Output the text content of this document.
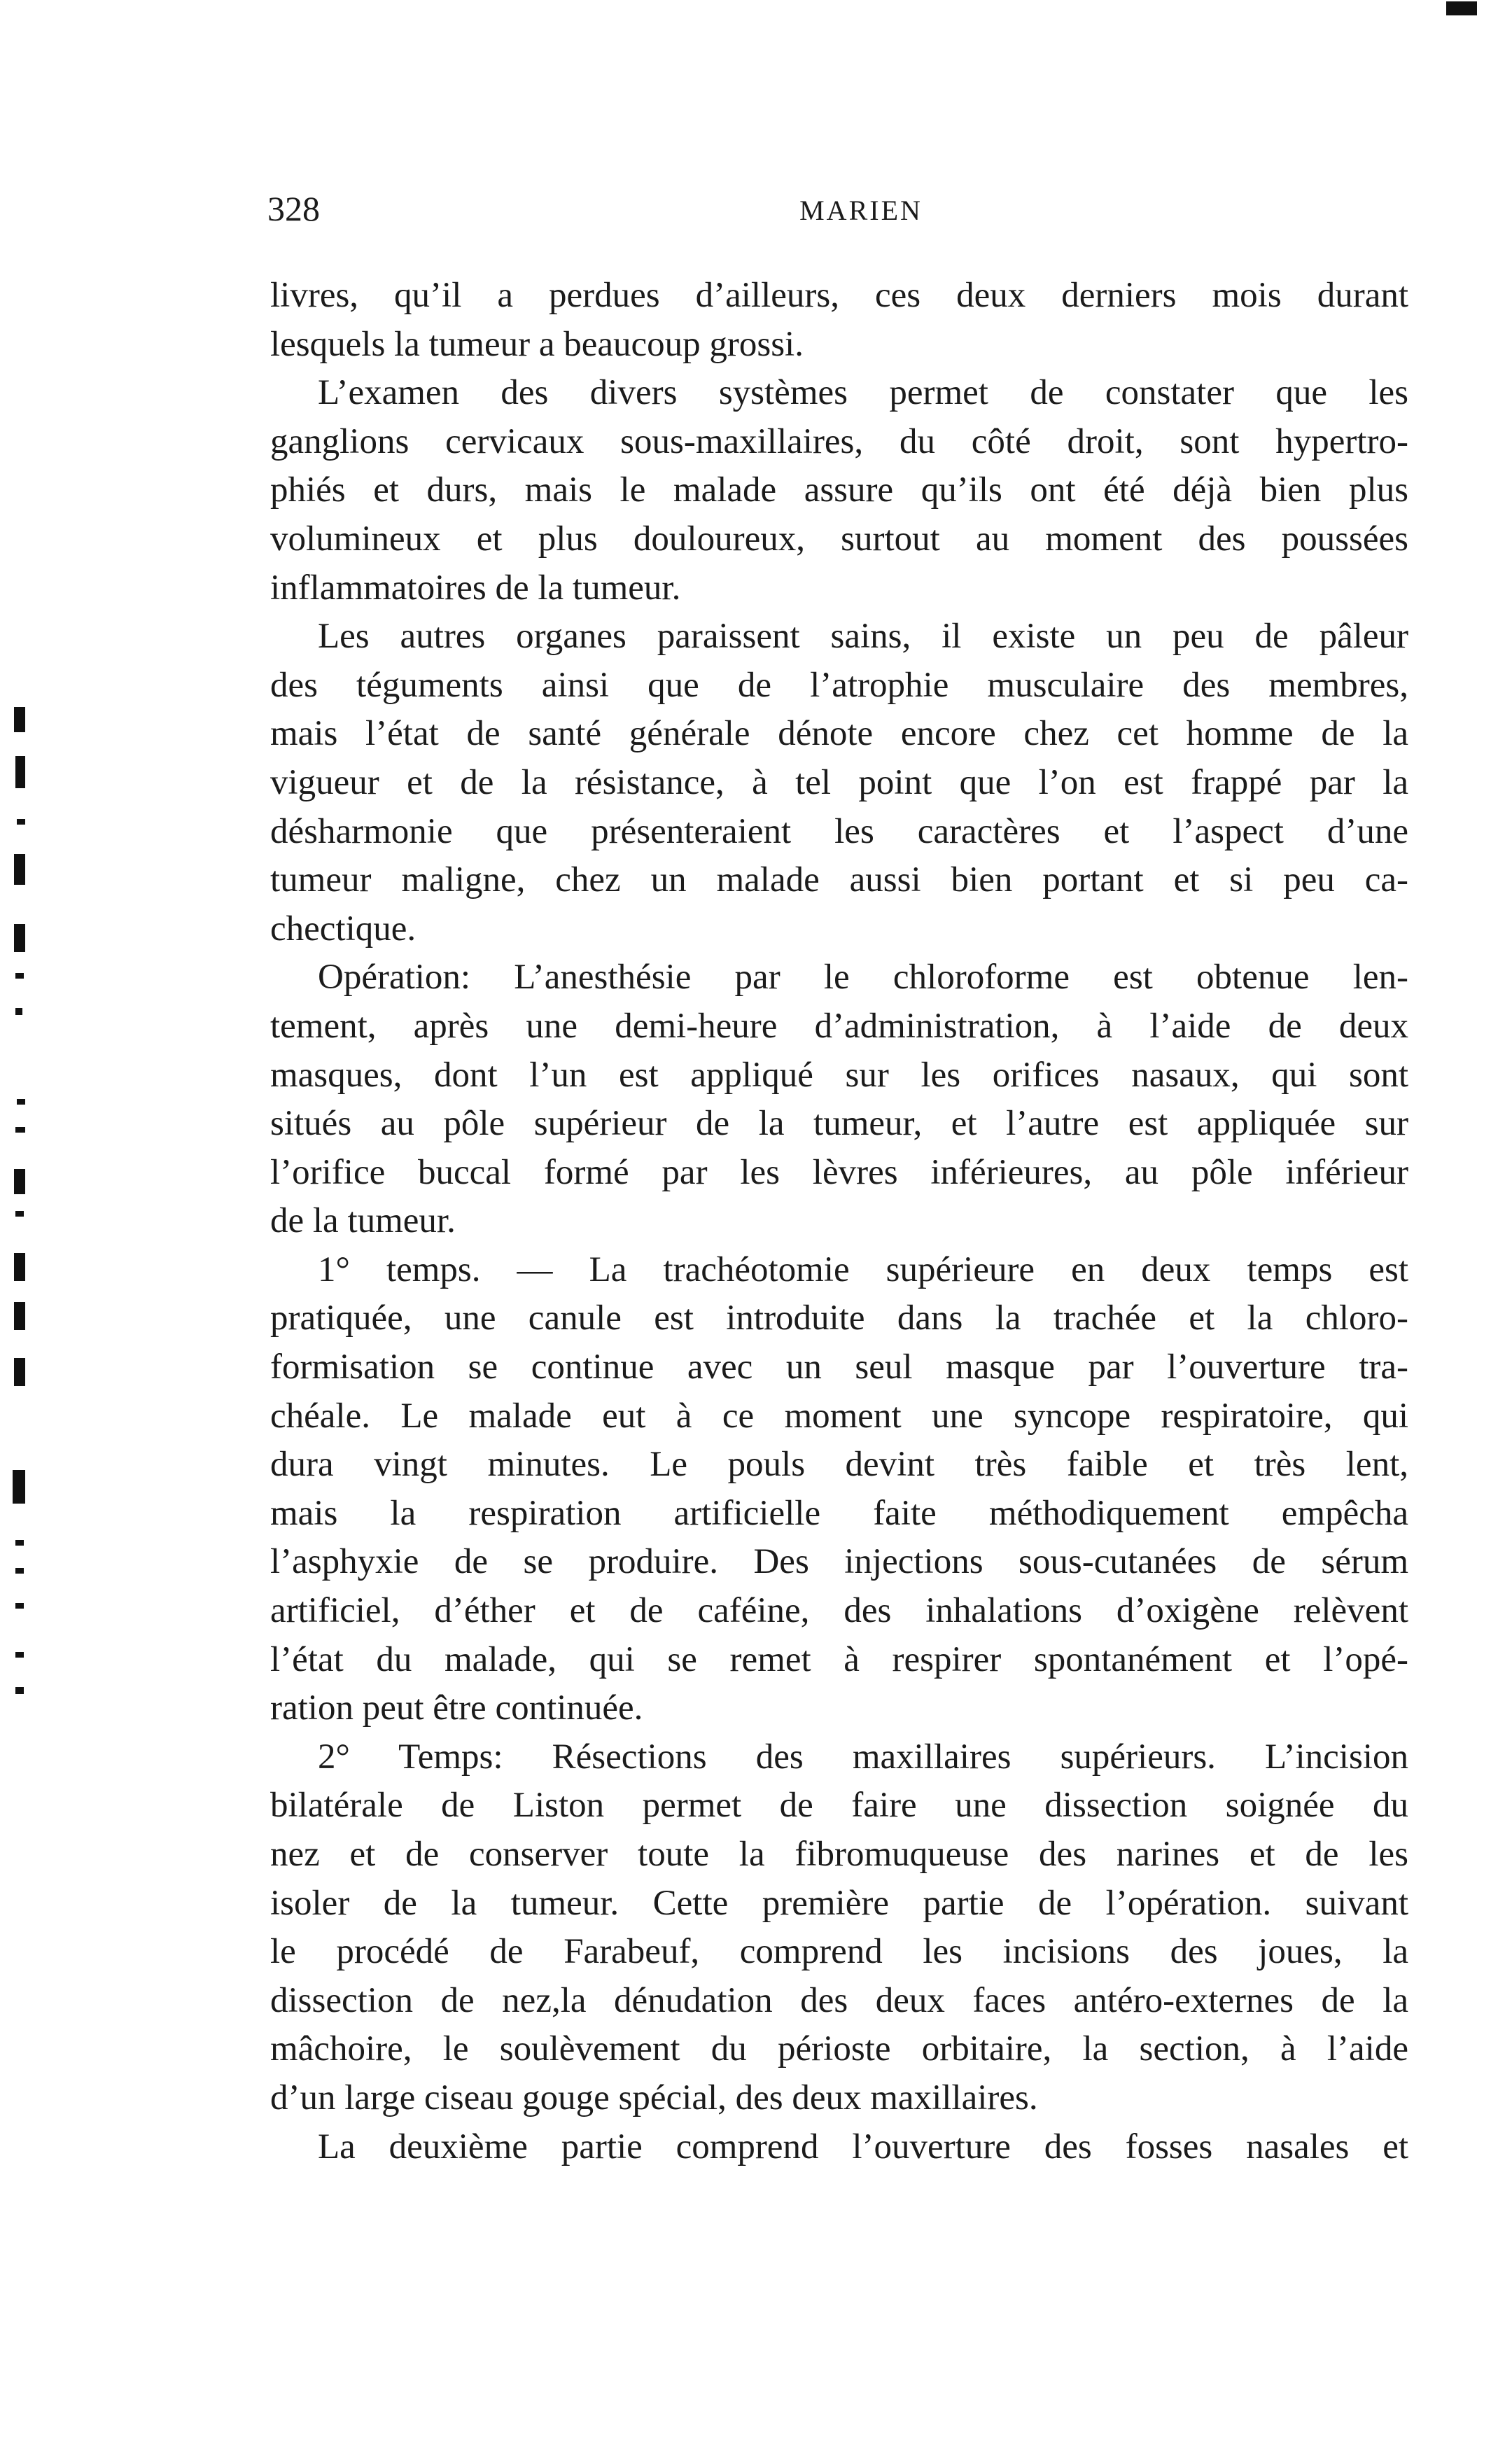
328	MARIEN
livres, qu’il a perdues d’ailleurs, ces deux derniers mois durant
lesquels la tumeur a beaucoup grossi.
L’examen des divers systèmes permet de constater que les
ganglions cervicaux sous-maxillaires, du côté droit, sont hypertro-
phiés et durs, mais le malade assure qu’ils ont été déjà bien plus
volumineux et plus douloureux, surtout au moment des poussées
inflammatoires de la tumeur.
Les autres organes paraissent sains, il existe un peu de pâleur
des téguments ainsi que de l’atrophie musculaire des membres,
mais l’état de santé générale dénote encore chez cet homme de la
vigueur et de la résistance, à tel point que l’on est frappé par la
désharmonie que présenteraient les caractères et l’aspect d’une
tumeur maligne, chez un malade aussi bien portant et si peu ca-
chectique.
Opération: L’anesthésie par le chloroforme est obtenue len-
tement, après une demi-heure d’administration, à l’aide de deux
masques, dont l’un est appliqué sur les orifices nasaux, qui sont
situés au pôle supérieur de la tumeur, et l’autre est appliquée sur
l’orifice buccal formé par les lèvres inférieures, au pôle inférieur
de la tumeur.
1° temps. — La trachéotomie supérieure en deux temps est
pratiquée, une canule est introduite dans la trachée et la chloro-
formisation se continue avec un seul masque par l’ouverture tra-
chéale. Le malade eut à ce moment une syncope respiratoire, qui
dura vingt minutes. Le pouls devint très faible et très lent,
mais la respiration artificielle faite méthodiquement empêcha
l’asphyxie de se produire. Des injections sous-cutanées de sérum
artificiel, d’éther et de caféine, des inhalations d’oxigène relèvent
l’état du malade, qui se remet à respirer spontanément et l’opé-
ration peut être continuée.
2° Temps: Résections des maxillaires supérieurs. L’incision
bilatérale de Liston permet de faire une dissection soignée du
nez et de conserver toute la fibromuqueuse des narines et de les
isoler de la tumeur. Cette première partie de l’opération. suivant
le procédé de Farabeuf, comprend les incisions des joues, la
dissection de nez,la dénudation des deux faces antéro-externes de la
mâchoire, le soulèvement du périoste orbitaire, la section, à l’aide
d’un large ciseau gouge spécial, des deux maxillaires.
La deuxième partie comprend l’ouverture des fosses nasales et
